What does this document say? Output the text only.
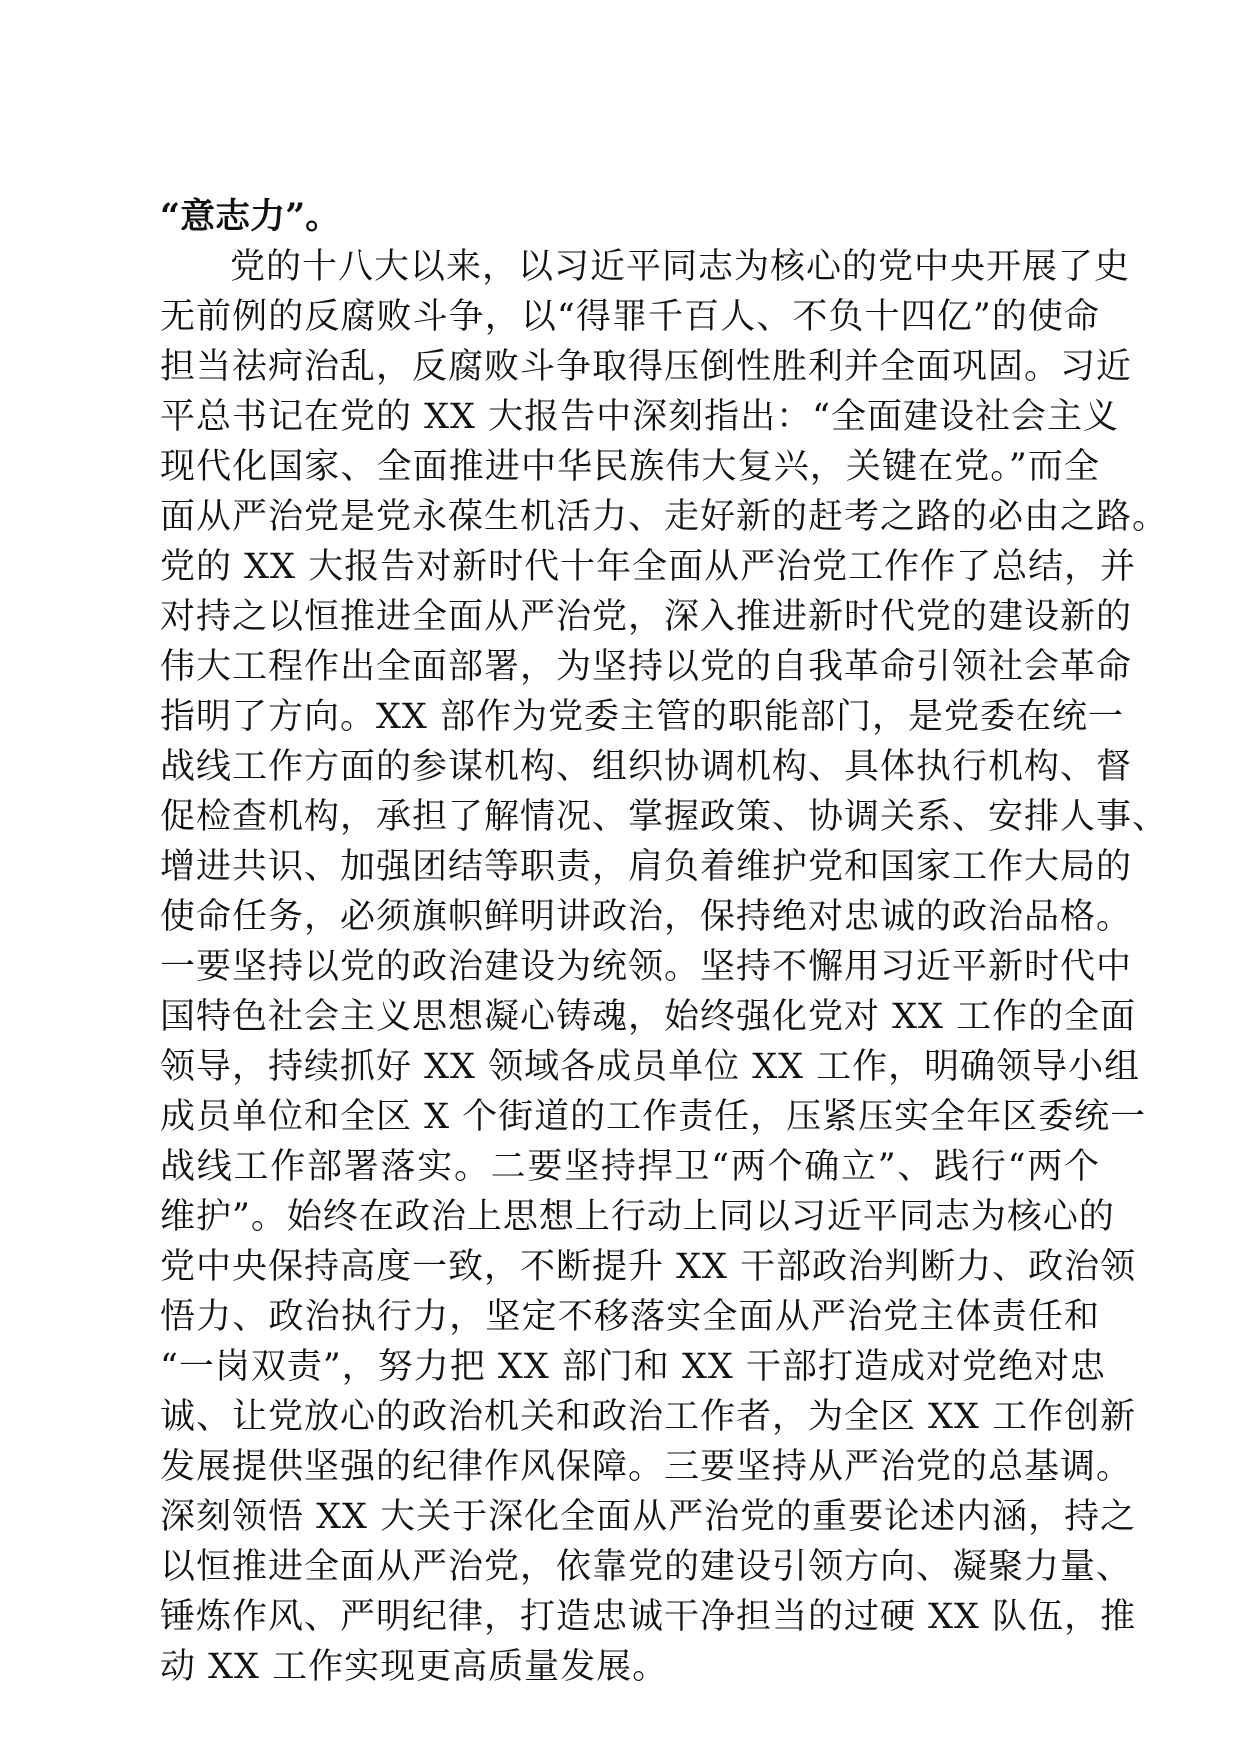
“意志力”。
党的十八大以来，以习近平同志为核心的党中央开展了史
无前例的反腐败斗争，以“得罪千百人、不负十四亿”的使命
担当祛疴治乱，反腐败斗争取得压倒性胜利并全面巩固。习近
平总书记在党的 XX 大报告中深刻指出：“全面建设社会主义
现代化国家、全面推进中华民族伟大复兴，关键在党。”而全
面从严治党是党永葆生机活力、走好新的赶考之路的必由之路。
党的 XX 大报告对新时代十年全面从严治党工作作了总结，并
对持之以恒推进全面从严治党，深入推进新时代党的建设新的
伟大工程作出全面部署，为坚持以党的自我革命引领社会革命
指明了方向。XX 部作为党委主管的职能部门，是党委在统一
战线工作方面的参谋机构、组织协调机构、具体执行机构、督
促检查机构，承担了解情况、掌握政策、协调关系、安排人事、
增进共识、加强团结等职责，肩负着维护党和国家工作大局的
使命任务，必须旗帜鲜明讲政治，保持绝对忠诚的政治品格。
一要坚持以党的政治建设为统领。坚持不懈用习近平新时代中
国特色社会主义思想凝心铸魂，始终强化党对 XX 工作的全面
领导，持续抓好 XX 领域各成员单位 XX 工作，明确领导小组
成员单位和全区 X 个街道的工作责任，压紧压实全年区委统一
战线工作部署落实。二要坚持捍卫“两个确立”、践行“两个
维护”。始终在政治上思想上行动上同以习近平同志为核心的
党中央保持高度一致，不断提升 XX 干部政治判断力、政治领
悟力、政治执行力，坚定不移落实全面从严治党主体责任和
“一岗双责”，努力把 XX 部门和 XX 干部打造成对党绝对忠
诚、让党放心的政治机关和政治工作者，为全区 XX 工作创新
发展提供坚强的纪律作风保障。三要坚持从严治党的总基调。
深刻领悟 XX 大关于深化全面从严治党的重要论述内涵，持之
以恒推进全面从严治党，依靠党的建设引领方向、凝聚力量、
锤炼作风、严明纪律，打造忠诚干净担当的过硬 XX 队伍，推
动 XX 工作实现更高质量发展。
